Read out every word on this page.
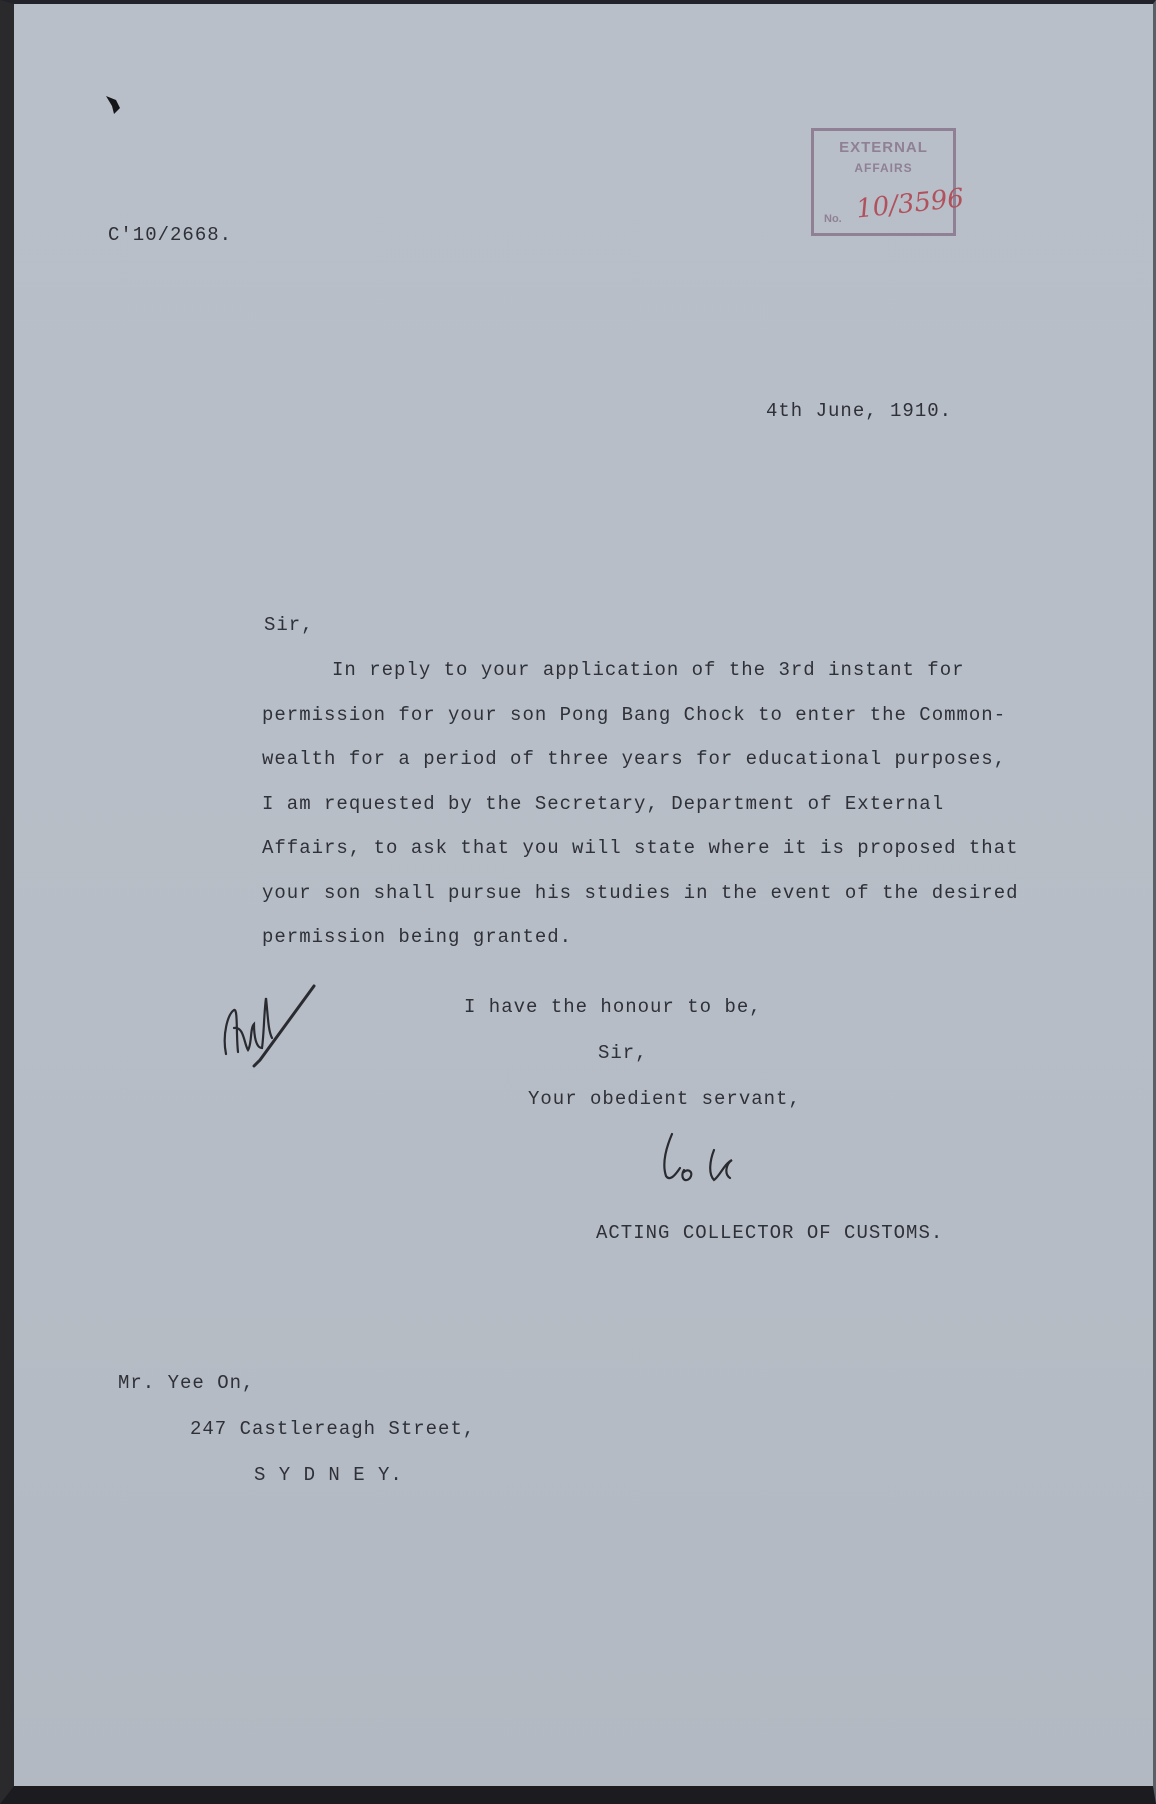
C'10/2668.
EXTERNAL
AFFAIRS
No. 10/3596
4th June, 1910.
Sir,
In reply to your application of the 3rd instant for
permission for your son Pong Bang Chock to enter the Common-
wealth for a period of three years for educational purposes,
I am requested by the Secretary, Department of External
Affairs, to ask that you will state where it is proposed that
your son shall pursue his studies in the event of the desired
permission being granted.
I have the honour to be,
Sir,
Your obedient servant,
ACTING COLLECTOR OF CUSTOMS.
Mr. Yee On,
247 Castlereagh Street,
S Y D N E Y.
